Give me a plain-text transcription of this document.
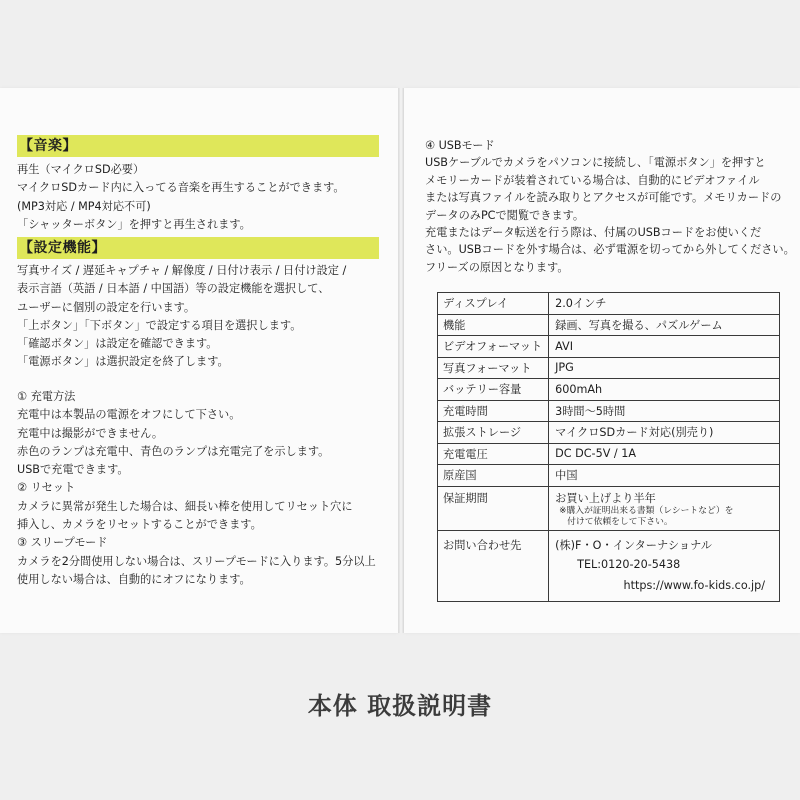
【音楽】
再生（マイクロSD必要）
マイクロSDカード内に入ってる音楽を再生することができます。
(MP3対応 / MP4対応不可)
「シャッターボタン」を押すと再生されます。
【設定機能】
写真サイズ / 遅延キャプチャ / 解像度 / 日付け表示 / 日付け設定 /
表示言語（英語 / 日本語 / 中国語）等の設定機能を選択して、
ユーザーに個別の設定を行います。
「上ボタン」「下ボタン」で設定する項目を選択します。
「確認ボタン」は設定を確認できます。
「電源ボタン」は選択設定を終了します。
① 充電方法
充電中は本製品の電源をオフにして下さい。
充電中は撮影ができません。
赤色のランプは充電中、青色のランプは充電完了を示します。
USBで充電できます。
② リセット
カメラに異常が発生した場合は、細長い棒を使用してリセット穴に
挿入し、カメラをリセットすることができます。
③ スリープモード
カメラを2分間使用しない場合は、スリープモードに入ります。5分以上
使用しない場合は、自動的にオフになります。
④ USBモード
USBケーブルでカメラをパソコンに接続し、「電源ボタン」を押すと
メモリーカードが装着されている場合は、自動的にビデオファイル
または写真ファイルを読み取りとアクセスが可能です。メモリカードの
データのみPCで閲覧できます。
充電またはデータ転送を行う際は、付属のUSBコードをお使いくだ
さい。USBコードを外す場合は、必ず電源を切ってから外してください。
フリーズの原因となります。
ディスプレイ	2.0インチ
機能	録画、写真を撮る、パズルゲーム
ビデオフォーマット	AVI
写真フォーマット	JPG
バッテリー容量	600mAh
充電時間	3時間～5時間
拡張ストレージ	マイクロSDカード対応(別売り)
充電電圧	DC DC-5V / 1A
原産国	中国
保証期間	お買い上げより半年
※購入が証明出来る書類（レシートなど）を
付けて依頼をして下さい。

お問い合わせ先	(株)F・O・インターナショナル
TEL:0120-20-5438
https://www.fo-kids.co.jp/
本体 取扱説明書
